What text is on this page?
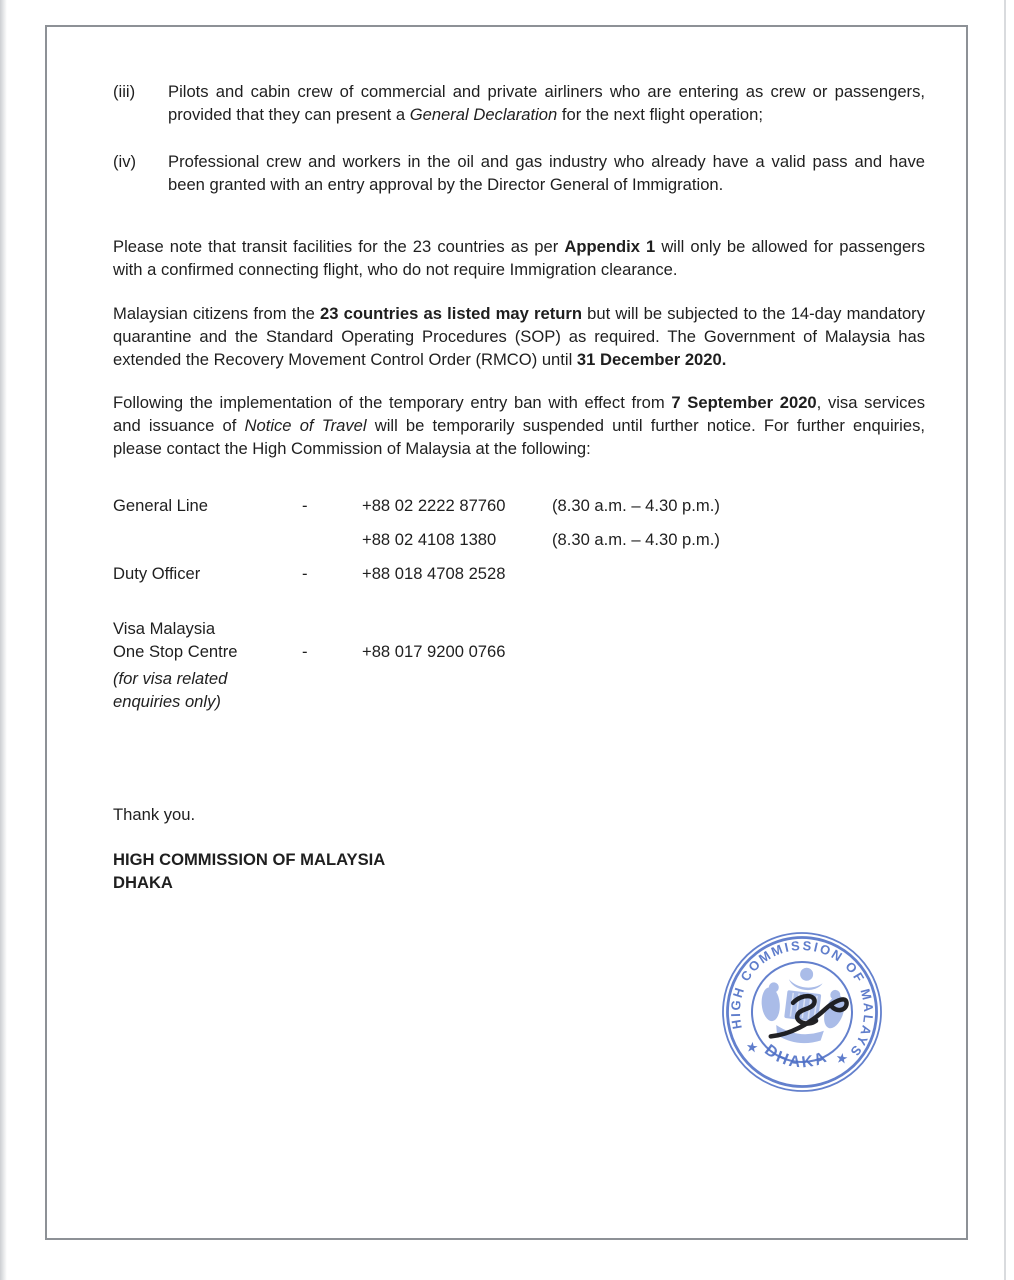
(iii)	Pilots and cabin crew of commercial and private airliners who are entering as crew or passengers, provided that they can present a General Declaration for the next flight operation;
(iv)	Professional crew and workers in the oil and gas industry who already have a valid pass and have been granted with an entry approval by the Director General of Immigration.

Please note that transit facilities for the 23 countries as per Appendix 1 will only be allowed for passengers with a confirmed connecting flight, who do not require Immigration clearance.

Malaysian citizens from the 23 countries as listed may return but will be subjected to the 14-day mandatory quarantine and the Standard Operating Procedures (SOP) as required. The Government of Malaysia has extended the Recovery Movement Control Order (RMCO) until 31 December 2020.

Following the implementation of the temporary entry ban with effect from 7 September 2020, visa services and issuance of Notice of Travel will be temporarily suspended until further notice. For further enquiries, please contact the High Commission of Malaysia at the following:

General Line	-	+88 02 2222 87760	(8.30 a.m. – 4.30 p.m.)
+88 02 4108 1380	(8.30 a.m. – 4.30 p.m.)
Duty Officer	-	+88 018 4708 2528
Visa Malaysia
One Stop Centre	-	+88 017 9200 0766
(for visa related
enquiries only)
Thank you.
HIGH COMMISSION OF MALAYSIA
DHAKA
HIGH COMMISSION OF MALAYSIA
DHAKA
★
★
